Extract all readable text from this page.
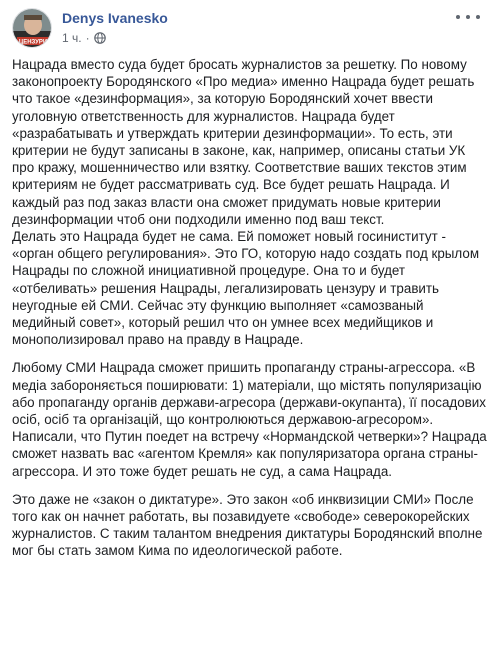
ЦЕНЗУРИ
Denys Ivanesko
1 ч. ·

Нацрада вместо суда будет бросать журналистов за решетку. По новому законопроекту Бородянского «Про медиа» именно Нацрада будет решать что такое «дезинформация», за которую Бородянский хочет ввести уголовную ответственность для журналистов. Нацрада будет «разрабатывать и утверждать критерии дезинформации». То есть, эти критерии не будут записаны в законе, как, например, описаны статьи УК про кражу, мошенничество или взятку. Соответствие ваших текстов этим критериям не будет рассматривать суд. Все будет решать Нацрада. И каждый раз под заказ власти она сможет придумать новые критерии дезинформации чтоб они подходили именно под ваш текст.
Делать это Нацрада будет не сама. Ей поможет новый госиниститут - «орган общего регулирования». Это ГО, которую надо создать под крылом Нацрады по сложной инициативной процедуре. Она то и будет «отбеливать» решения Нацрады, легализировать цензуру и травить неугодные ей СМИ. Сейчас эту функцию выполняет «самозваный медийный совет», который решил что он умнее всех медийщиков и монополизировал право на правду в Нацраде.

Любому СМИ Нацрада сможет пришить пропаганду страны-агрессора. «В медіа забороняється поширювати: 1) матеріали, що містять популяризацію або пропаганду органів держави-агресора (держави-окупанта), її посадових осіб, осіб та організацій, що контролюються державою-агресором».
Написали, что Путин поедет на встречу «Нормандской четверки»? Нацрада сможет назвать вас «агентом Кремля» как популяризатора органа страны-агрессора. И это тоже будет решать не суд, а сама Нацрада.

Это даже не «закон о диктатуре». Это закон «об инквизиции СМИ» После того как он начнет работать, вы позавидуете «свободе» северокорейских журналистов. С таким талантом внедрения диктатуры Бородянский вполне мог бы стать замом Кима по идеологической работе.
